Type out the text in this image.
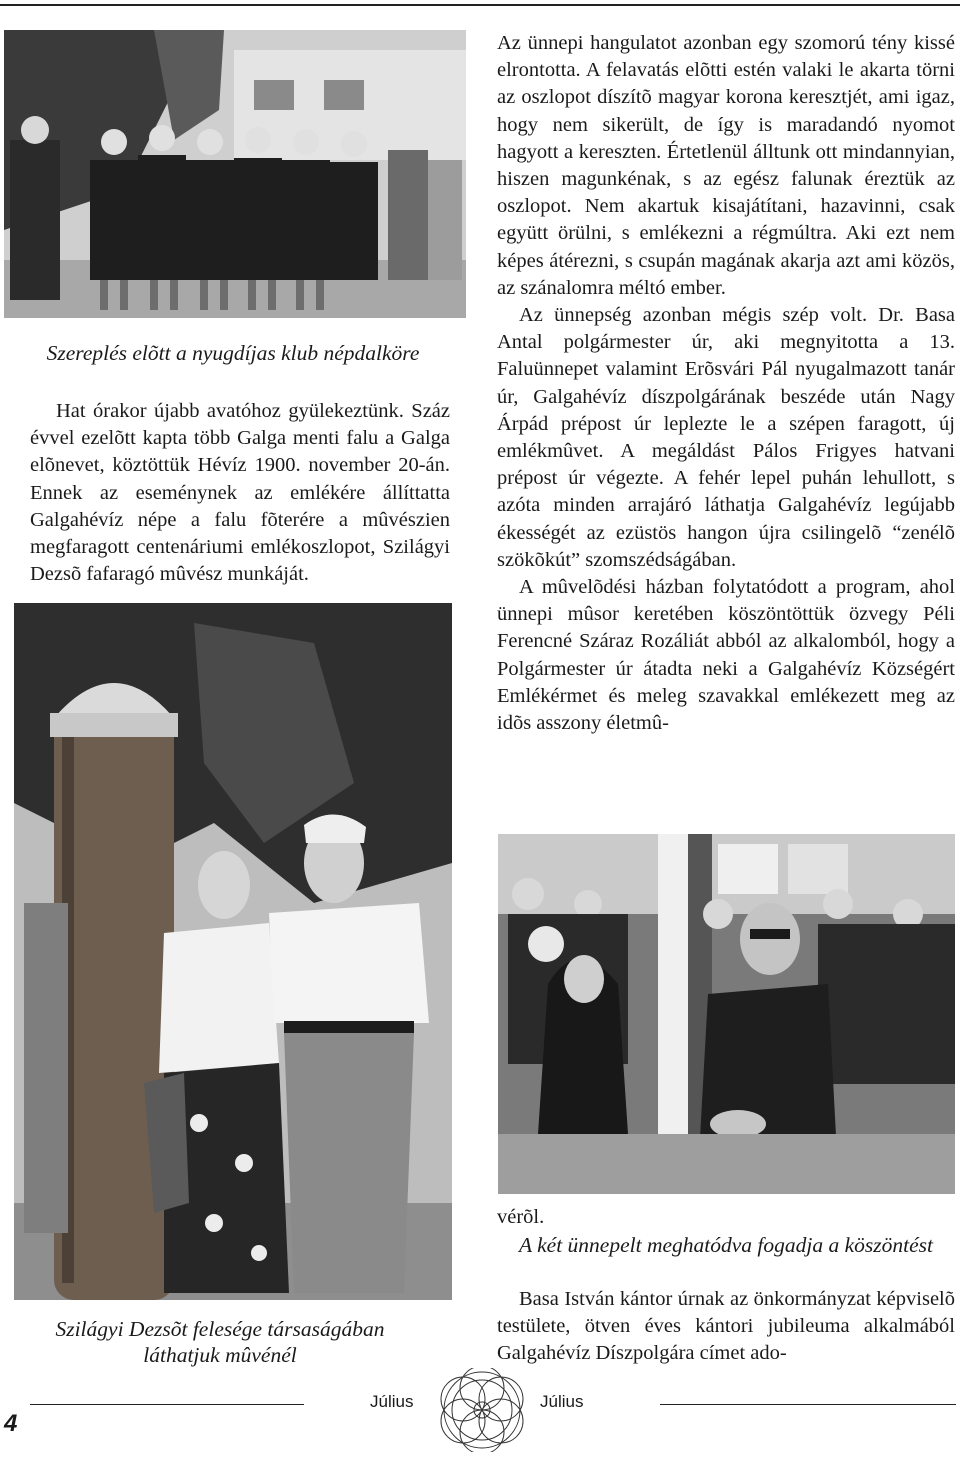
Szereplés elõtt a nyugdíjas klub népdalköre
Hat órakor újabb avatóhoz gyülekeztünk. Száz évvel ezelõtt kapta több Galga menti falu a Galga elõnevet, köztöttük Hévíz 1900. november 20-án. Ennek az eseménynek az emlékére állíttatta Galgahévíz népe a falu fõterére a mûvészien megfaragott centenáriumi emlékoszlopot, Szilágyi Dezsõ fafaragó mûvész munkáját.
Szilágyi Dezsõt felesége társaságában
láthatjuk mûvénél

Az ünnepi hangulatot azonban egy szomorú tény kissé elrontotta. A felavatás elõtti estén valaki le akarta törni az oszlopot díszítõ magyar korona keresztjét, ami igaz, hogy nem sikerült, de így is maradandó nyomot hagyott a kereszten. Értetlenül álltunk ott mindannyian, hiszen magunkénak, s az egész falunak éreztük az oszlopot. Nem akartuk kisajátítani, hazavinni, csak együtt örülni, s emlékezni a régmúltra. Aki ezt nem képes átérezni, s csupán magának akarja azt ami közös, az szánalomra méltó ember.

Az ünnepség azonban mégis szép volt. Dr. Basa Antal polgármester úr, aki megnyitotta a 13. Faluünnepet valamint Erõsvári Pál nyugalmazott tanár úr, Galgahévíz díszpolgárának beszéde után Nagy Árpád prépost úr leplezte le a szépen faragott, új emlékmûvet. A megáldást Pálos Frigyes hatvani prépost úr végezte. A fehér lepel puhán lehullott, s azóta minden arrajáró láthatja Galgahévíz legújabb ékességét az ezüstös hangon újra csilingelõ “zenélõ szökõkút” szomszédságában.

A mûvelõdési házban folytatódott a program, ahol ünnepi mûsor keretében köszöntöttük özvegy Péli Ferencné Száraz Rozáliát abból az alkalomból, hogy a Polgármester úr átadta neki a Galgahévíz Községért Emlékérmet és meleg szavakkal emlékezett meg az idõs asszony életmû-

vérõl.

A két ünnepelt meghatódva fogadja a köszöntést

Basa István kántor úrnak az önkormányzat képviselõ testülete, ötven éves kántori jubileuma alkalmából Galgahévíz Díszpolgára címet ado-

Július	Július
4
